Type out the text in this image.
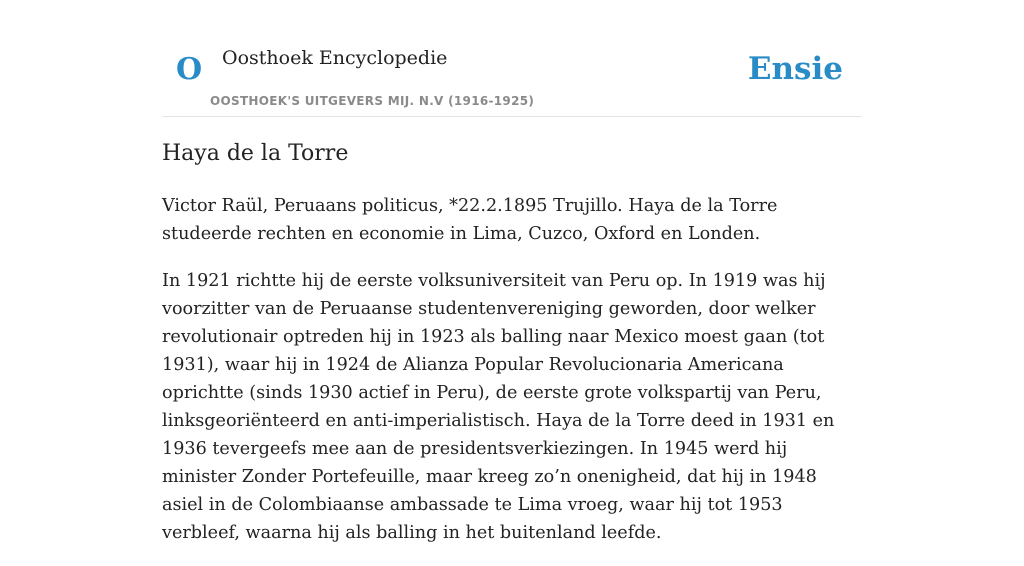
O Oosthoek Encyclopedie
OOSTHOEK'S UITGEVERS MIJ. N.V (1916-1925)
Ensie
Haya de la Torre

Victor Raül, Peruaans politicus, *22.2.1895 Trujillo. Haya de la Torre studeerde rechten en economie in Lima, Cuzco, Oxford en Londen.

In 1921 richtte hij de eerste volksuniversiteit van Peru op. In 1919 was hij voorzitter van de Peruaanse studentenvereniging geworden, door welker revolutionair optreden hij in 1923 als balling naar Mexico moest gaan (tot 1931), waar hij in 1924 de Alianza Popular Revolucionaria Americana oprichtte (sinds 1930 actief in Peru), de eerste grote volkspartij van Peru, linksgeoriënteerd en anti-imperialistisch. Haya de la Torre deed in 1931 en 1936 tevergeefs mee aan de presidentsverkiezingen. In 1945 werd hij minister Zonder Portefeuille, maar kreeg zo’n onenigheid, dat hij in 1948 asiel in de Colombiaanse ambassade te Lima vroeg, waar hij tot 1953 verbleef, waarna hij als balling in het buitenland leefde.
